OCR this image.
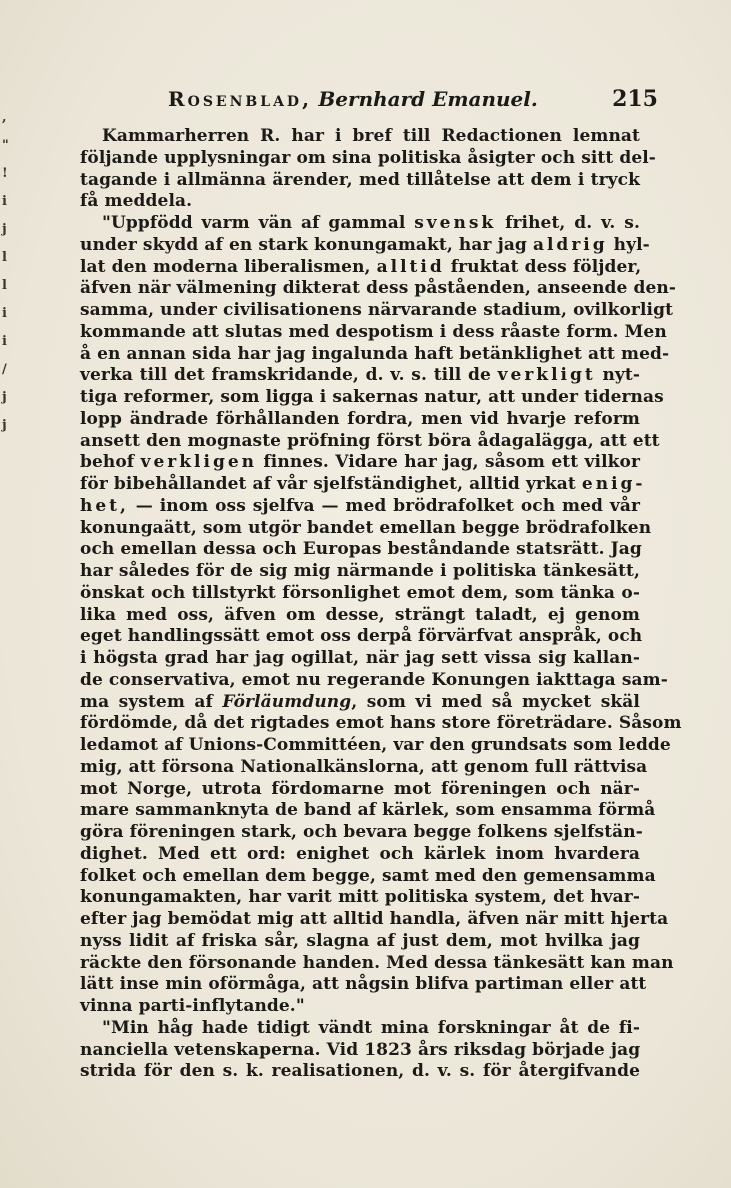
,
"
!
i
j
l
l
i
i
/
j
j
Rosenblad, Bernhard Emanuel.	215
Kammarherren R. har i bref till Redactionen lemnat
följande upplysningar om sina politiska åsigter och sitt del-
tagande i allmänna ärender, med tillåtelse att dem i tryck
få meddela.
"Uppfödd varm vän af gammal svensk frihet, d. v. s.
under skydd af en stark konungamakt, har jag aldrig hyl-
lat den moderna liberalismen, alltid fruktat dess följder,
äfven när välmening dikterat dess påståenden, anseende den-
samma, under civilisationens närvarande stadium, ovilkorligt
kommande att slutas med despotism i dess råaste form. Men
å en annan sida har jag ingalunda haft betänklighet att med-
verka till det framskridande, d. v. s. till de verkligt nyt-
tiga reformer, som ligga i sakernas natur, att under tidernas
lopp ändrade förhållanden fordra, men vid hvarje reform
ansett den mognaste pröfning först böra ådagalägga, att ett
behof verkligen finnes. Vidare har jag, såsom ett vilkor
för bibehållandet af vår sjelfständighet, alltid yrkat enig-
het, — inom oss sjelfva — med brödrafolket och med vår
konungaätt, som utgör bandet emellan begge brödrafolken
och emellan dessa och Europas beståndande statsrätt. Jag
har således för de sig mig närmande i politiska tänkesätt,
önskat och tillstyrkt försonlighet emot dem, som tänka o-
lika med oss, äfven om desse, strängt taladt, ej genom
eget handlingssätt emot oss derpå förvärfvat anspråk, och
i högsta grad har jag ogillat, när jag sett vissa sig kallan-
de conservativa, emot nu regerande Konungen iakttaga sam-
ma system af Förläumdung, som vi med så mycket skäl
fördömde, då det rigtades emot hans store företrädare. Såsom
ledamot af Unions-Committéen, var den grundsats som ledde
mig, att försona Nationalkänslorna, att genom full rättvisa
mot Norge, utrota fördomarne mot föreningen och när-
mare sammanknyta de band af kärlek, som ensamma förmå
göra föreningen stark, och bevara begge folkens sjelfstän-
dighet. Med ett ord: enighet och kärlek inom hvardera
folket och emellan dem begge, samt med den gemensamma
konungamakten, har varit mitt politiska system, det hvar-
efter jag bemödat mig att alltid handla, äfven när mitt hjerta
nyss lidit af friska sår, slagna af just dem, mot hvilka jag
räckte den försonande handen. Med dessa tänkesätt kan man
lätt inse min oförmåga, att någsin blifva partiman eller att
vinna parti-inflytande."
"Min håg hade tidigt vändt mina forskningar åt de fi-
nanciella vetenskaperna. Vid 1823 års riksdag började jag
strida för den s. k. realisationen, d. v. s. för återgifvande
